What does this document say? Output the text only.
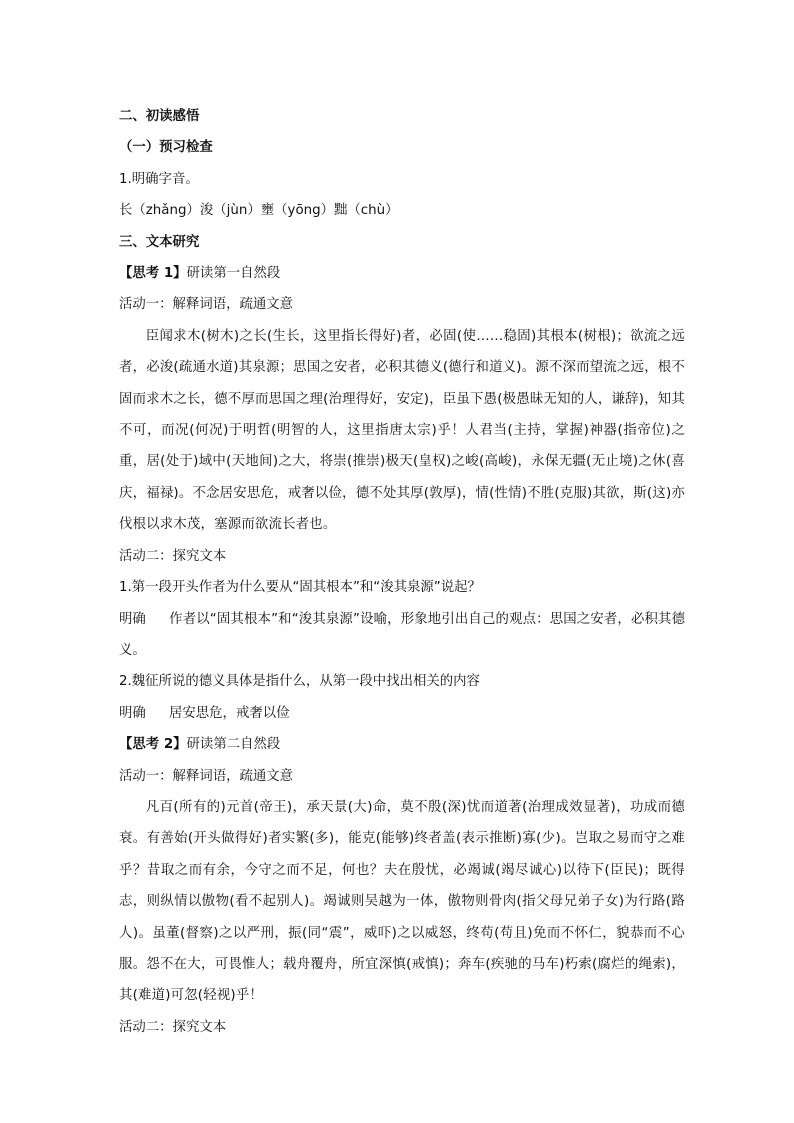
二、初读感悟

（一）预习检查

1.明确字音。

长（zhǎng）浚（jùn）壅（yōng）黜（chù）

三、文本研究

【思考 1】研读第一自然段

活动一：解释词语，疏通文意

臣闻求木(树木)之长(生长，这里指长得好)者，必固(使……稳固)其根本(树根)；欲流之远者，必浚(疏通水道)其泉源；思国之安者，必积其德义(德行和道义)。源不深而望流之远，根不固而求木之长，德不厚而思国之理(治理得好，安定)，臣虽下愚(极愚昧无知的人，谦辞)，知其不可，而况(何况)于明哲(明智的人，这里指唐太宗)乎！人君当(主持，掌握)神器(指帝位)之重，居(处于)域中(天地间)之大，将崇(推崇)极天(皇权)之峻(高峻)，永保无疆(无止境)之休(喜庆，福禄)。不念居安思危，戒奢以俭，德不处其厚(敦厚)，情(性情)不胜(克服)其欲，斯(这)亦伐根以求木茂，塞源而欲流长者也。

活动二：探究文本

1.第一段开头作者为什么要从“固其根本”和“浚其泉源”说起？

明确 作者以“固其根本”和“浚其泉源”设喻，形象地引出自己的观点：思国之安者，必积其德义。

2.魏征所说的德义具体是指什么，从第一段中找出相关的内容

明确 居安思危，戒奢以俭

【思考 2】研读第二自然段

活动一：解释词语，疏通文意

凡百(所有的)元首(帝王)，承天景(大)命，莫不殷(深)忧而道著(治理成效显著)，功成而德衰。有善始(开头做得好)者实繁(多)，能克(能够)终者盖(表示推断)寡(少)。岂取之易而守之难乎？昔取之而有余，今守之而不足，何也？夫在殷忧，必竭诚(竭尽诚心)以待下(臣民)；既得志，则纵情以傲物(看不起别人)。竭诚则吴越为一体，傲物则骨肉(指父母兄弟子女)为行路(路人)。虽董(督察)之以严刑，振(同“震”，威吓)之以威怒，终苟(苟且)免而不怀仁，貌恭而不心服。怨不在大，可畏惟人；载舟覆舟，所宜深慎(戒慎)；奔车(疾驰的马车)朽索(腐烂的绳索)，其(难道)可忽(轻视)乎！

活动二：探究文本
